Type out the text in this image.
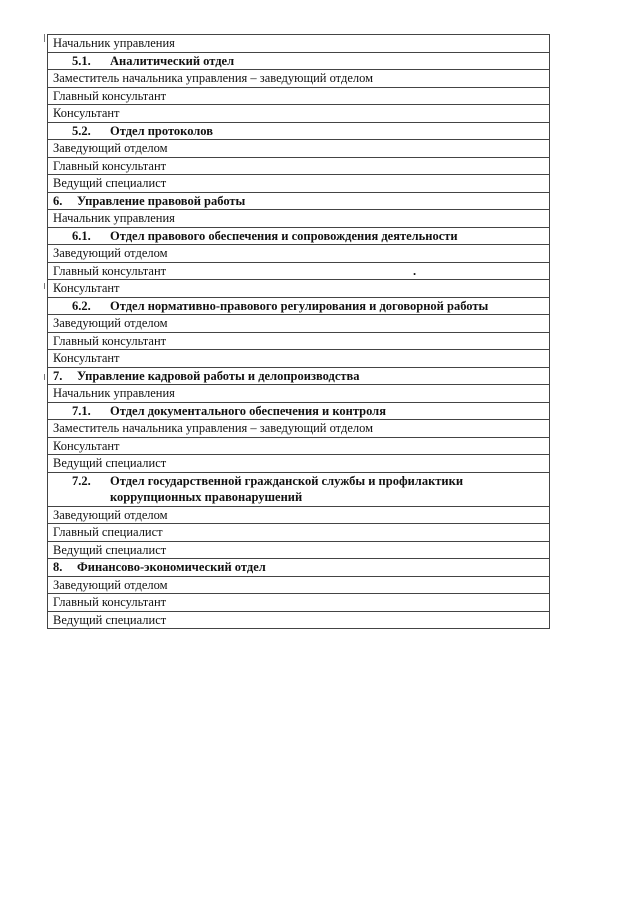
Начальник управления
5.1. Аналитический отдел
Заместитель начальника управления – заведующий отделом
Главный консультант
Консультант
5.2. Отдел протоколов
Заведующий отделом
Главный консультант
Ведущий специалист
6. Управление правовой работы
Начальник управления
6.1. Отдел правового обеспечения и сопровождения деятельности
Заведующий отделом
Главный консультант	.
Консультант
6.2. Отдел нормативно-правового регулирования и договорной работы
Заведующий отделом
Главный консультант
Консультант
7. Управление кадровой работы и делопроизводства
Начальник управления
7.1. Отдел документального обеспечения и контроля
Заместитель начальника управления – заведующий отделом
Консультант
Ведущий специалист
7.2. Отдел государственной гражданской службы и профилактики коррупционных правонарушений
Заведующий отделом
Главный специалист
Ведущий специалист
8. Финансово-экономический отдел
Заведующий отделом
Главный консультант
Ведущий специалист
